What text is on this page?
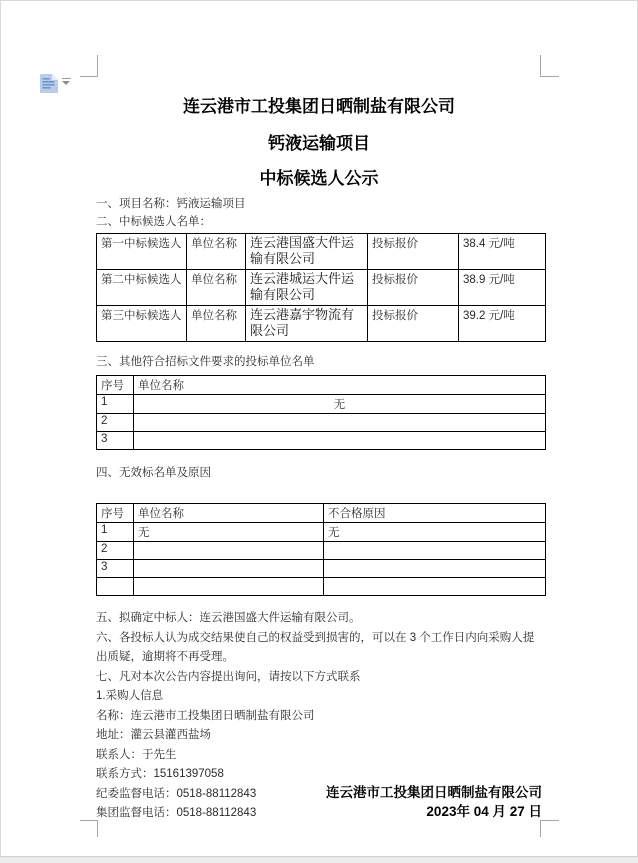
连云港市工投集团日晒制盐有限公司
钙液运输项目
中标候选人公示

一、项目名称：钙液运输项目

二、中标候选人名单：

第一中标候选人	单位名称	连云港国盛大件运输有限公司	投标报价	38.4 元/吨
第二中标候选人	单位名称	连云港城运大件运输有限公司	投标报价	38.9 元/吨
第三中标候选人	单位名称	连云港嘉宇物流有限公司	投标报价	39.2 元/吨

三、其他符合招标文件要求的投标单位名单

序号	单位名称
1	无
2	
3	

四、无效标名单及原因

序号	单位名称	不合格原因
1	无	无
2		
3		

五、拟确定中标人：连云港国盛大件运输有限公司。

六、各投标人认为成交结果使自己的权益受到损害的，可以在 3 个工作日内向采购人提出质疑，逾期将不再受理。

七、凡对本次公告内容提出询问，请按以下方式联系

1.采购人信息

名称：连云港市工投集团日晒制盐有限公司

地址：灌云县灌西盐场

联系人：于先生

联系方式：15161397058

纪委监督电话：0518-88112843

集团监督电话：0518-88112843

连云港市工投集团日晒制盐有限公司
2023年 04 月 27 日
